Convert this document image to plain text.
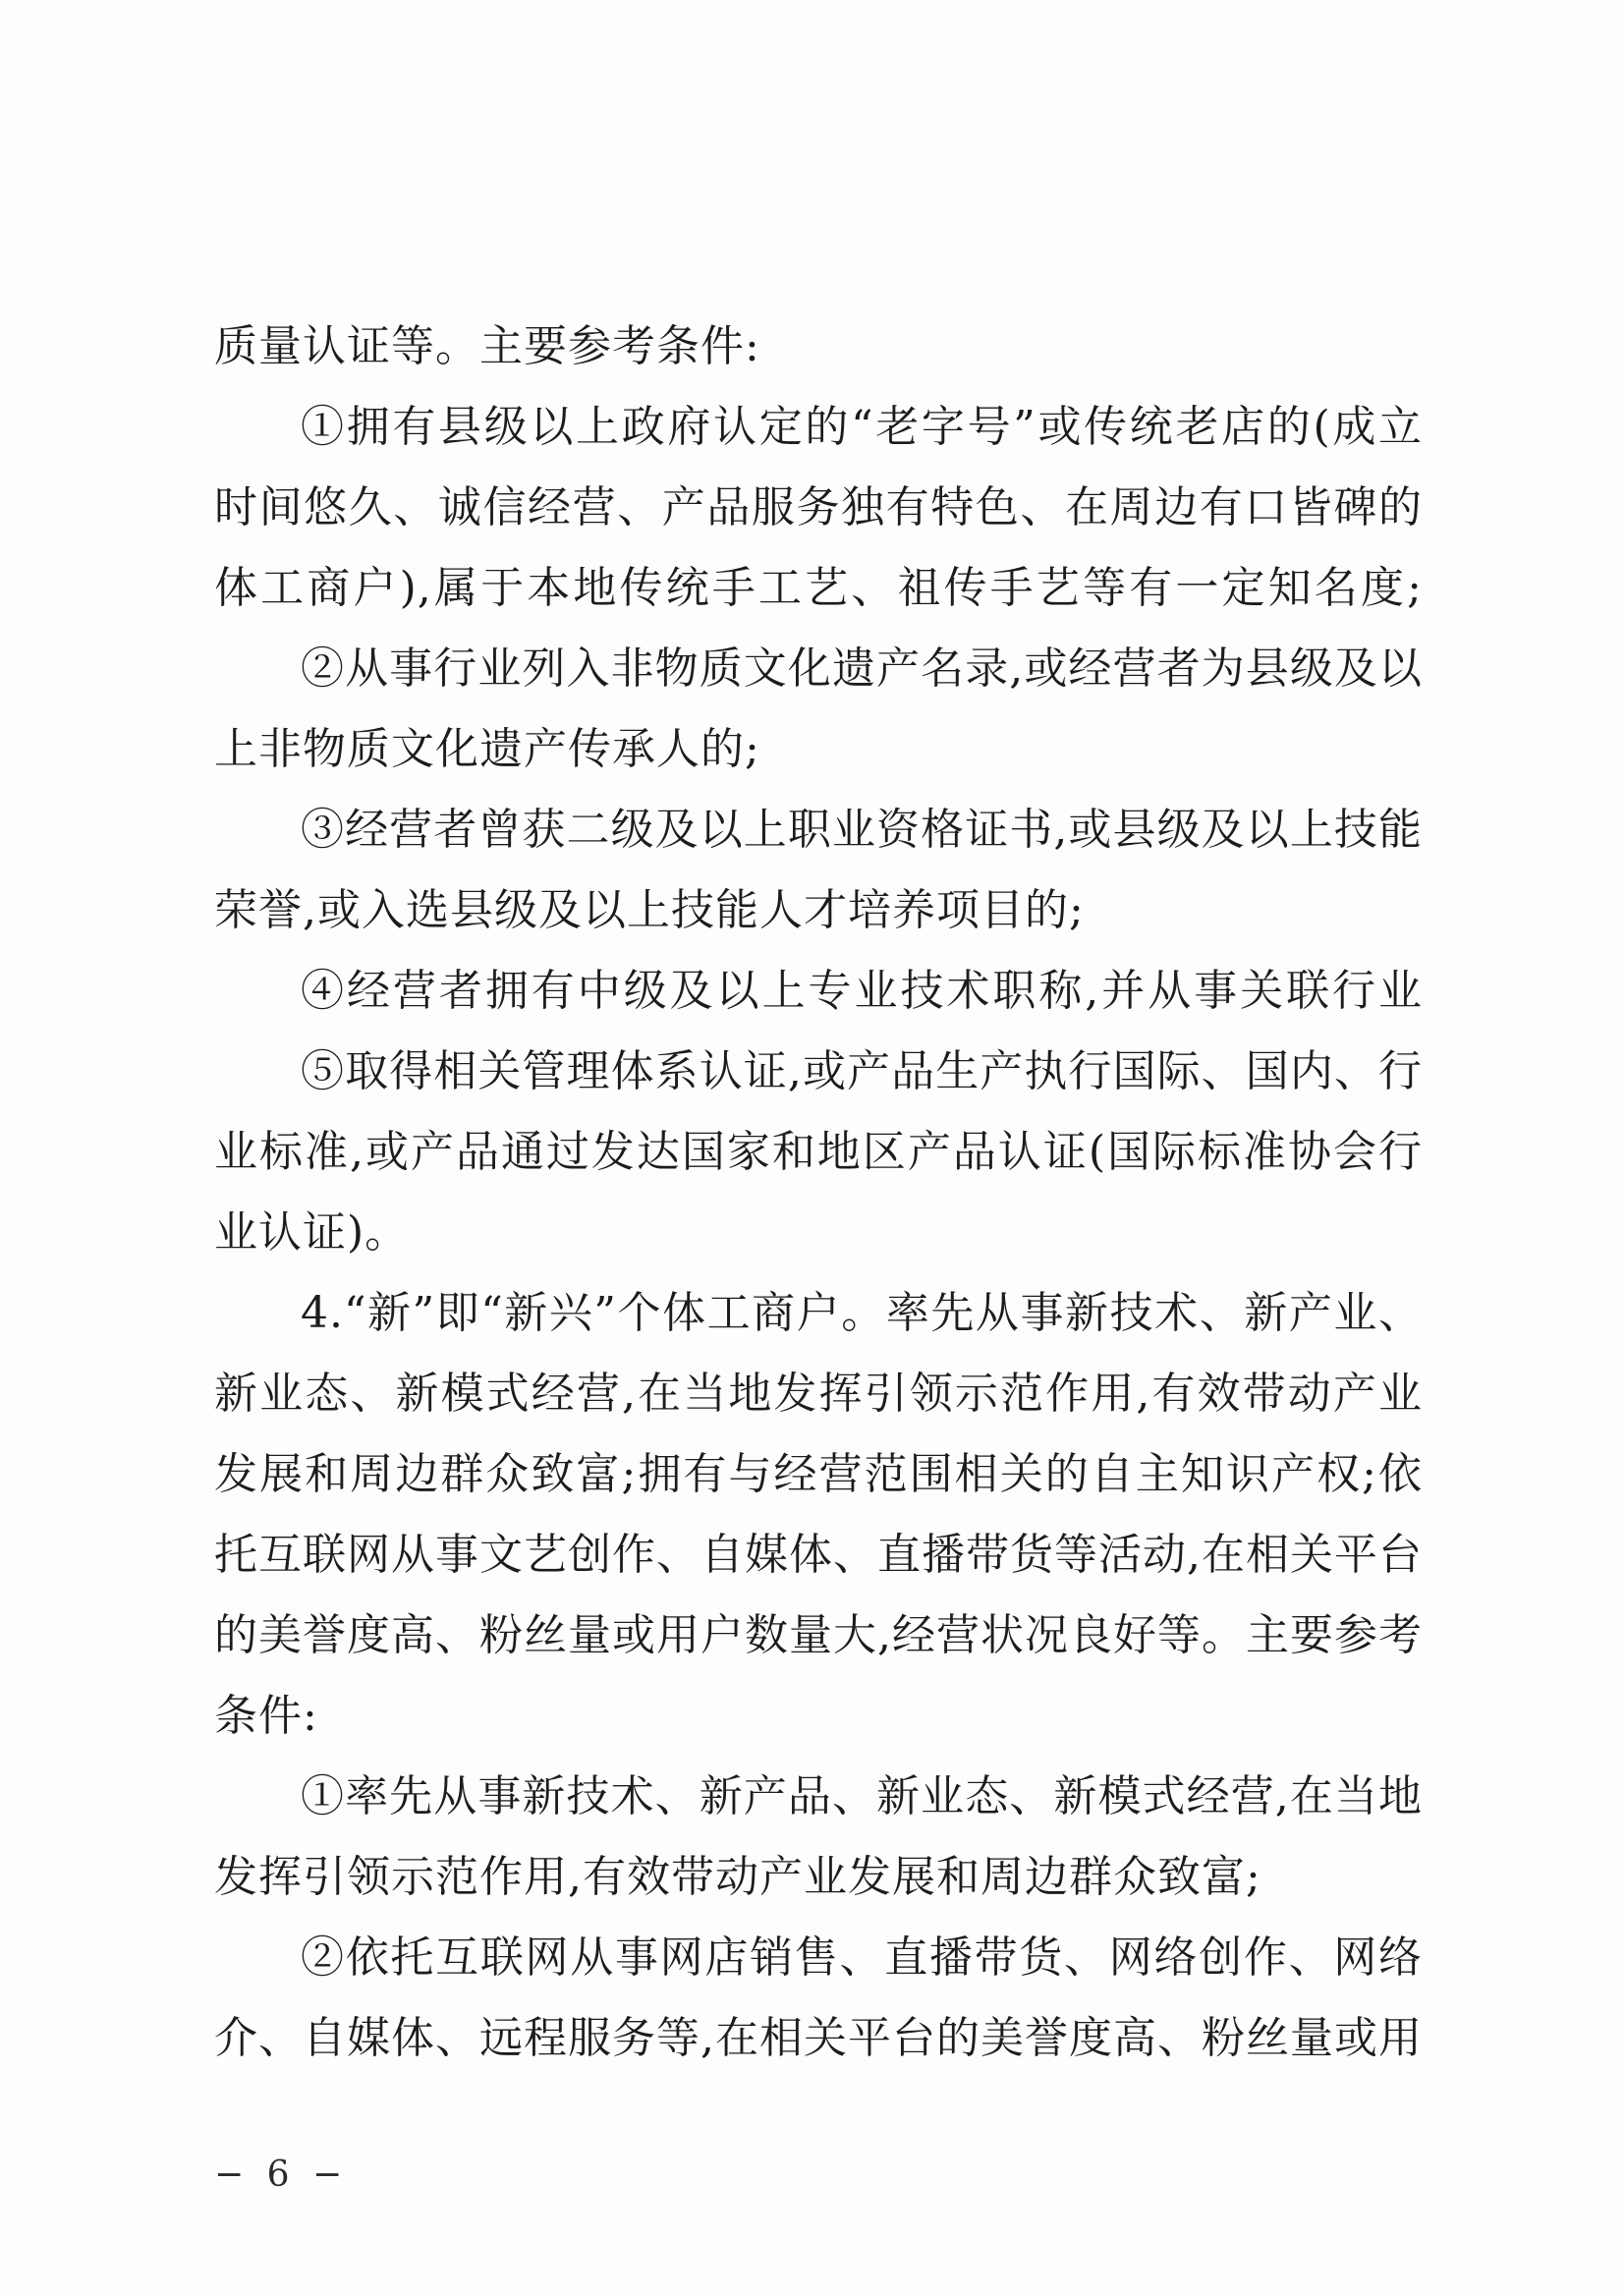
质量认证等。主要参考条件:
①拥有县级以上政府认定的“老字号”或传统老店的(成立
时间悠久、诚信经营、产品服务独有特色、在周边有口皆碑的
体工商户),属于本地传统手工艺、祖传手艺等有一定知名度;
②从事行业列入非物质文化遗产名录,或经营者为县级及以
上非物质文化遗产传承人的;
③经营者曾获二级及以上职业资格证书,或县级及以上技能
荣誉,或入选县级及以上技能人才培养项目的;
④经营者拥有中级及以上专业技术职称,并从事关联行业
⑤取得相关管理体系认证,或产品生产执行国际、国内、行
业标准,或产品通过发达国家和地区产品认证(国际标准协会行
业认证)。
4.“新”即“新兴”个体工商户。率先从事新技术、新产业、
新业态、新模式经营,在当地发挥引领示范作用,有效带动产业
发展和周边群众致富;拥有与经营范围相关的自主知识产权;依
托互联网从事文艺创作、自媒体、直播带货等活动,在相关平台
的美誉度高、粉丝量或用户数量大,经营状况良好等。主要参考
条件:
①率先从事新技术、新产品、新业态、新模式经营,在当地
发挥引领示范作用,有效带动产业发展和周边群众致富;
②依托互联网从事网店销售、直播带货、网络创作、网络
介、自媒体、远程服务等,在相关平台的美誉度高、粉丝量或用
− 6 −
